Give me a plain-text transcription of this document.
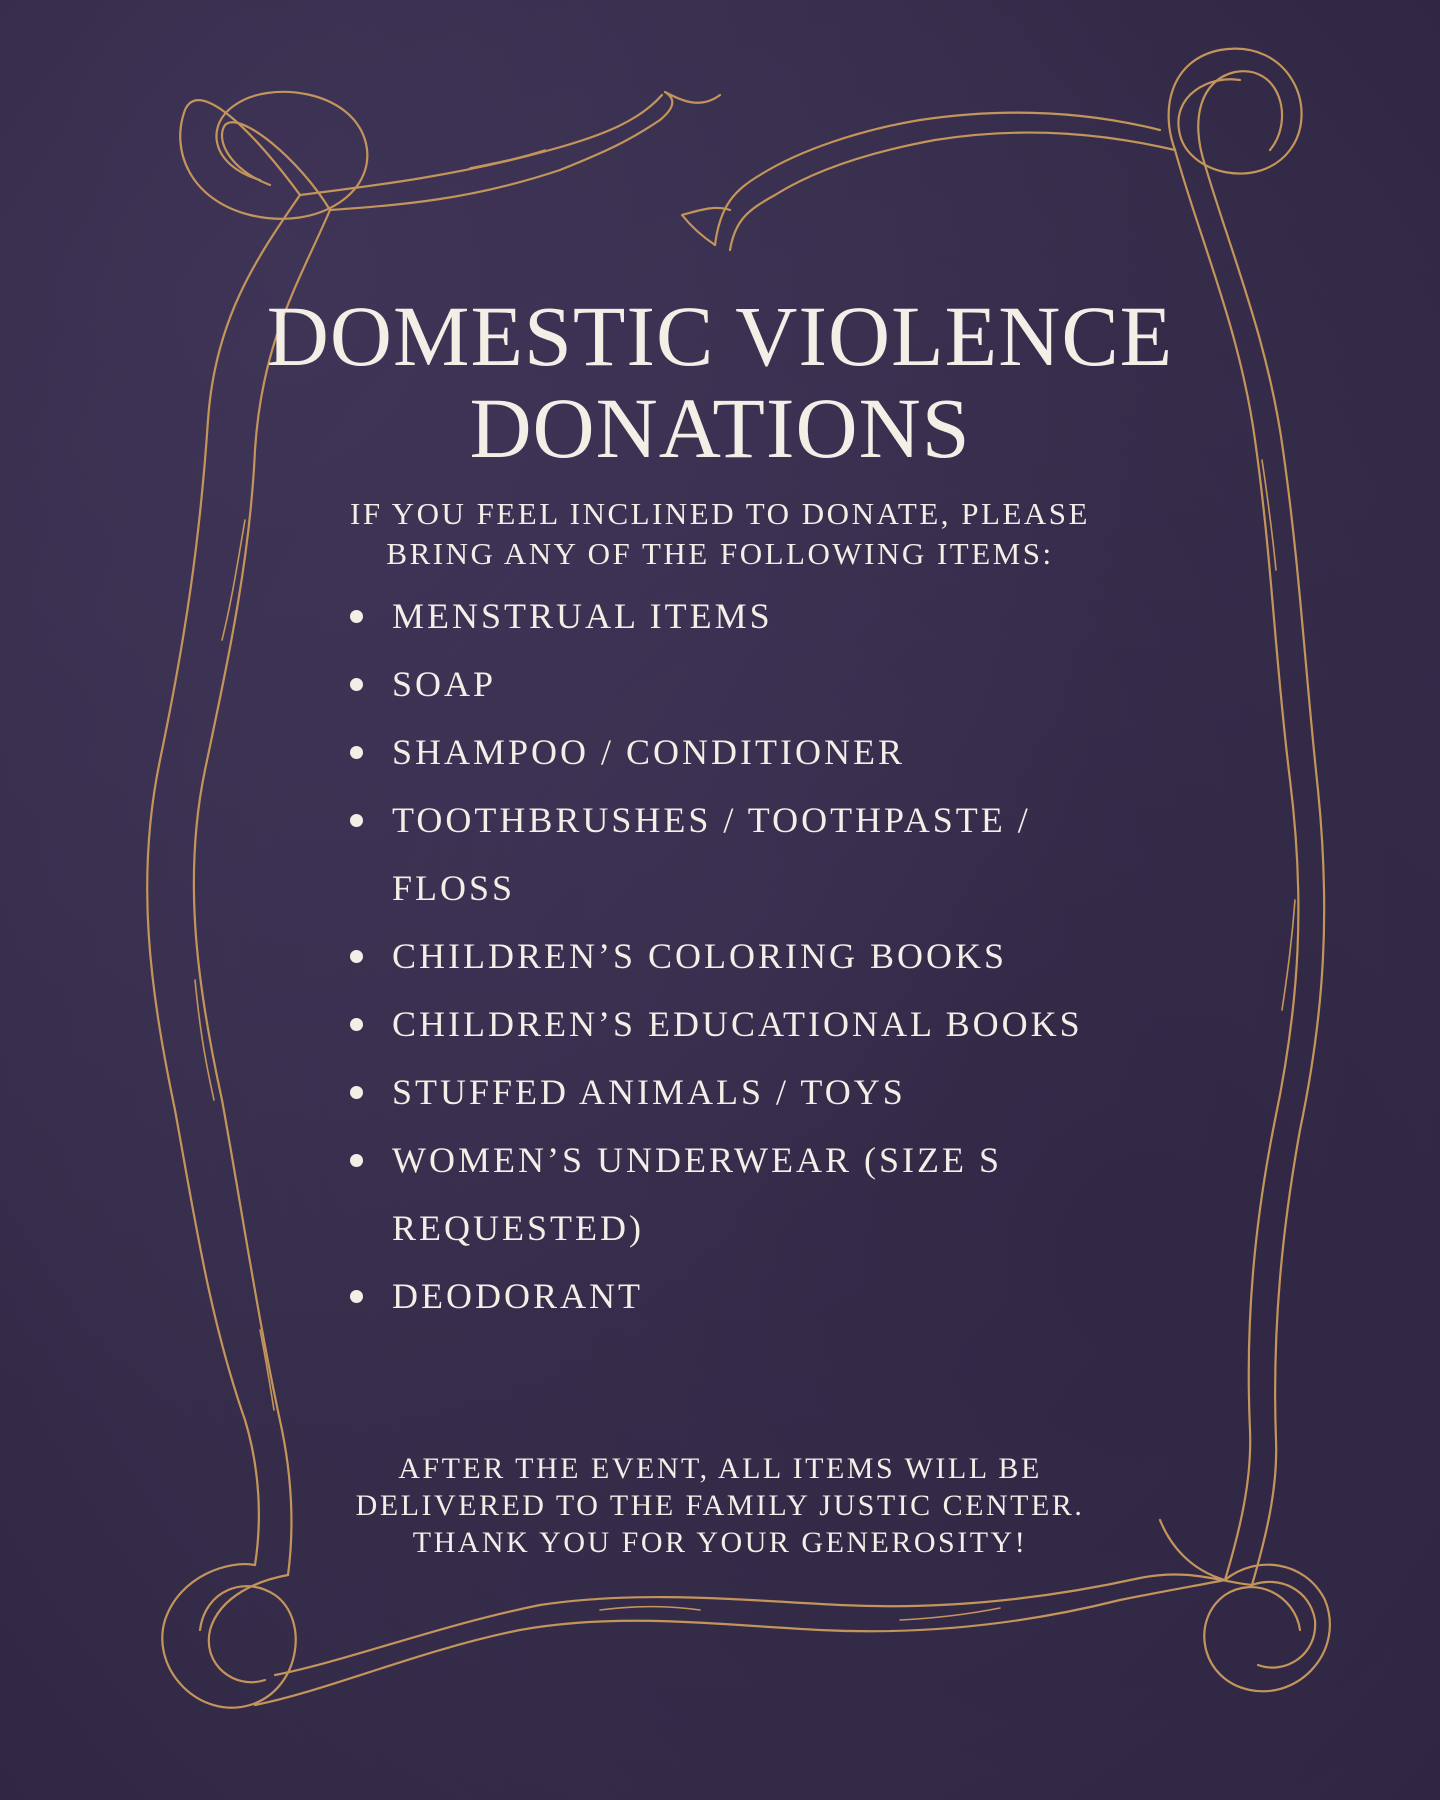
DOMESTIC VIOLENCE
DONATIONS

IF YOU FEEL INCLINED TO DONATE, PLEASE
BRING ANY OF THE FOLLOWING ITEMS:

MENSTRUAL ITEMS
SOAP
SHAMPOO / CONDITIONER
TOOTHBRUSHES / TOOTHPASTE / FLOSS
CHILDREN’S COLORING BOOKS
CHILDREN’S EDUCATIONAL BOOKS
STUFFED ANIMALS / TOYS
WOMEN’S UNDERWEAR (SIZE S REQUESTED)
DEODORANT

AFTER THE EVENT, ALL ITEMS WILL BE
DELIVERED TO THE FAMILY JUSTIC CENTER.
THANK YOU FOR YOUR GENEROSITY!
